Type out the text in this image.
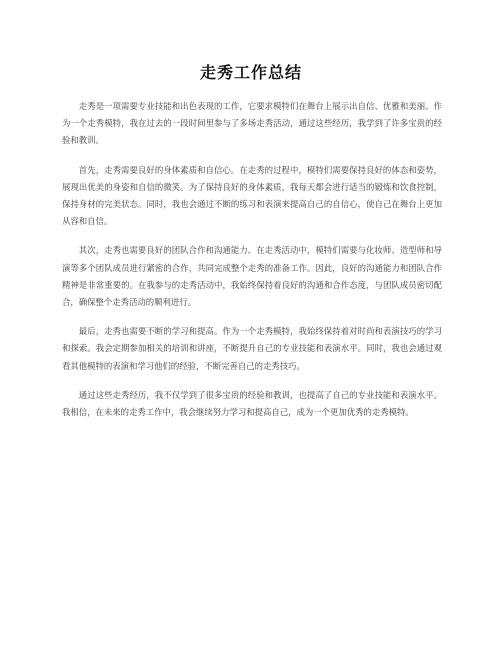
走秀工作总结

走秀是一项需要专业技能和出色表现的工作，它要求模特们在舞台上展示出自信、优雅和美丽。作为一个走秀模特，我在过去的一段时间里参与了多场走秀活动，通过这些经历，我学到了许多宝贵的经验和教训。

首先，走秀需要良好的身体素质和自信心。在走秀的过程中，模特们需要保持良好的体态和姿势，展现出优美的身姿和自信的微笑。为了保持良好的身体素质，我每天都会进行适当的锻炼和饮食控制，保持身材的完美状态。同时，我也会通过不断的练习和表演来提高自己的自信心，使自己在舞台上更加从容和自信。

其次，走秀也需要良好的团队合作和沟通能力。在走秀活动中，模特们需要与化妆师、造型师和导演等多个团队成员进行紧密的合作，共同完成整个走秀的准备工作。因此，良好的沟通能力和团队合作精神是非常重要的。在我参与的走秀活动中，我始终保持着良好的沟通和合作态度，与团队成员密切配合，确保整个走秀活动的顺利进行。

最后，走秀也需要不断的学习和提高。作为一个走秀模特，我始终保持着对时尚和表演技巧的学习和探索。我会定期参加相关的培训和讲座，不断提升自己的专业技能和表演水平。同时，我也会通过观看其他模特的表演和学习他们的经验，不断完善自己的走秀技巧。

通过这些走秀经历，我不仅学到了很多宝贵的经验和教训，也提高了自己的专业技能和表演水平。我相信，在未来的走秀工作中，我会继续努力学习和提高自己，成为一个更加优秀的走秀模特。
